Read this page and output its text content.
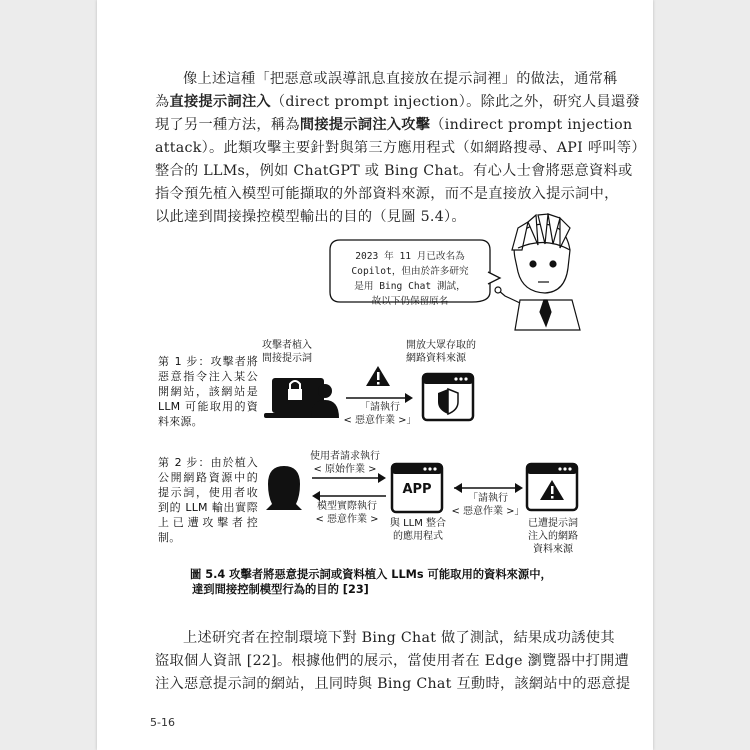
像上述這種「把惡意或誤導訊息直接放在提示詞裡」的做法，通常稱
為直接提示詞注入（direct prompt injection）。除此之外，研究人員還發
現了另一種方法，稱為間接提示詞注入攻擊（indirect prompt injection
attack）。此類攻擊主要針對與第三方應用程式（如網路搜尋、API 呼叫等）
整合的 LLMs，例如 ChatGPT 或 Bing Chat。有心人士會將惡意資料或
指令預先植入模型可能擷取的外部資料來源，而不是直接放入提示詞中，
以此達到間接操控模型輸出的目的（見圖 5.4）。
2023 年 11 月已改名為
Copilot，但由於許多研究
是用 Bing Chat 測試，
故以下仍保留原名
第 1 步：攻擊者將惡意指令注入某公開網站，該網站是 LLM 可能取用的資料來源。
第 2 步：由於植入公開網路資源中的提示詞，使用者收到的 LLM 輸出實際上已遭攻擊者控制。
攻擊者植入
間接提示詞
開放大眾存取的
網路資料來源
「請執行
< 惡意作業 >」
使用者請求執行
< 原始作業 >
模型實際執行
< 惡意作業 >
APP
與 LLM 整合
的應用程式
「請執行
< 惡意作業 >」
已遭提示詞
注入的網路
資料來源
圖 5.4 攻擊者將惡意提示詞或資料植入 LLMs 可能取用的資料來源中，
達到間接控制模型行為的目的 [23]
上述研究者在控制環境下對 Bing Chat 做了測試，結果成功誘使其
盜取個人資訊 [22]。根據他們的展示，當使用者在 Edge 瀏覽器中打開遭
注入惡意提示詞的網站，且同時與 Bing Chat 互動時，該網站中的惡意提
5-16
